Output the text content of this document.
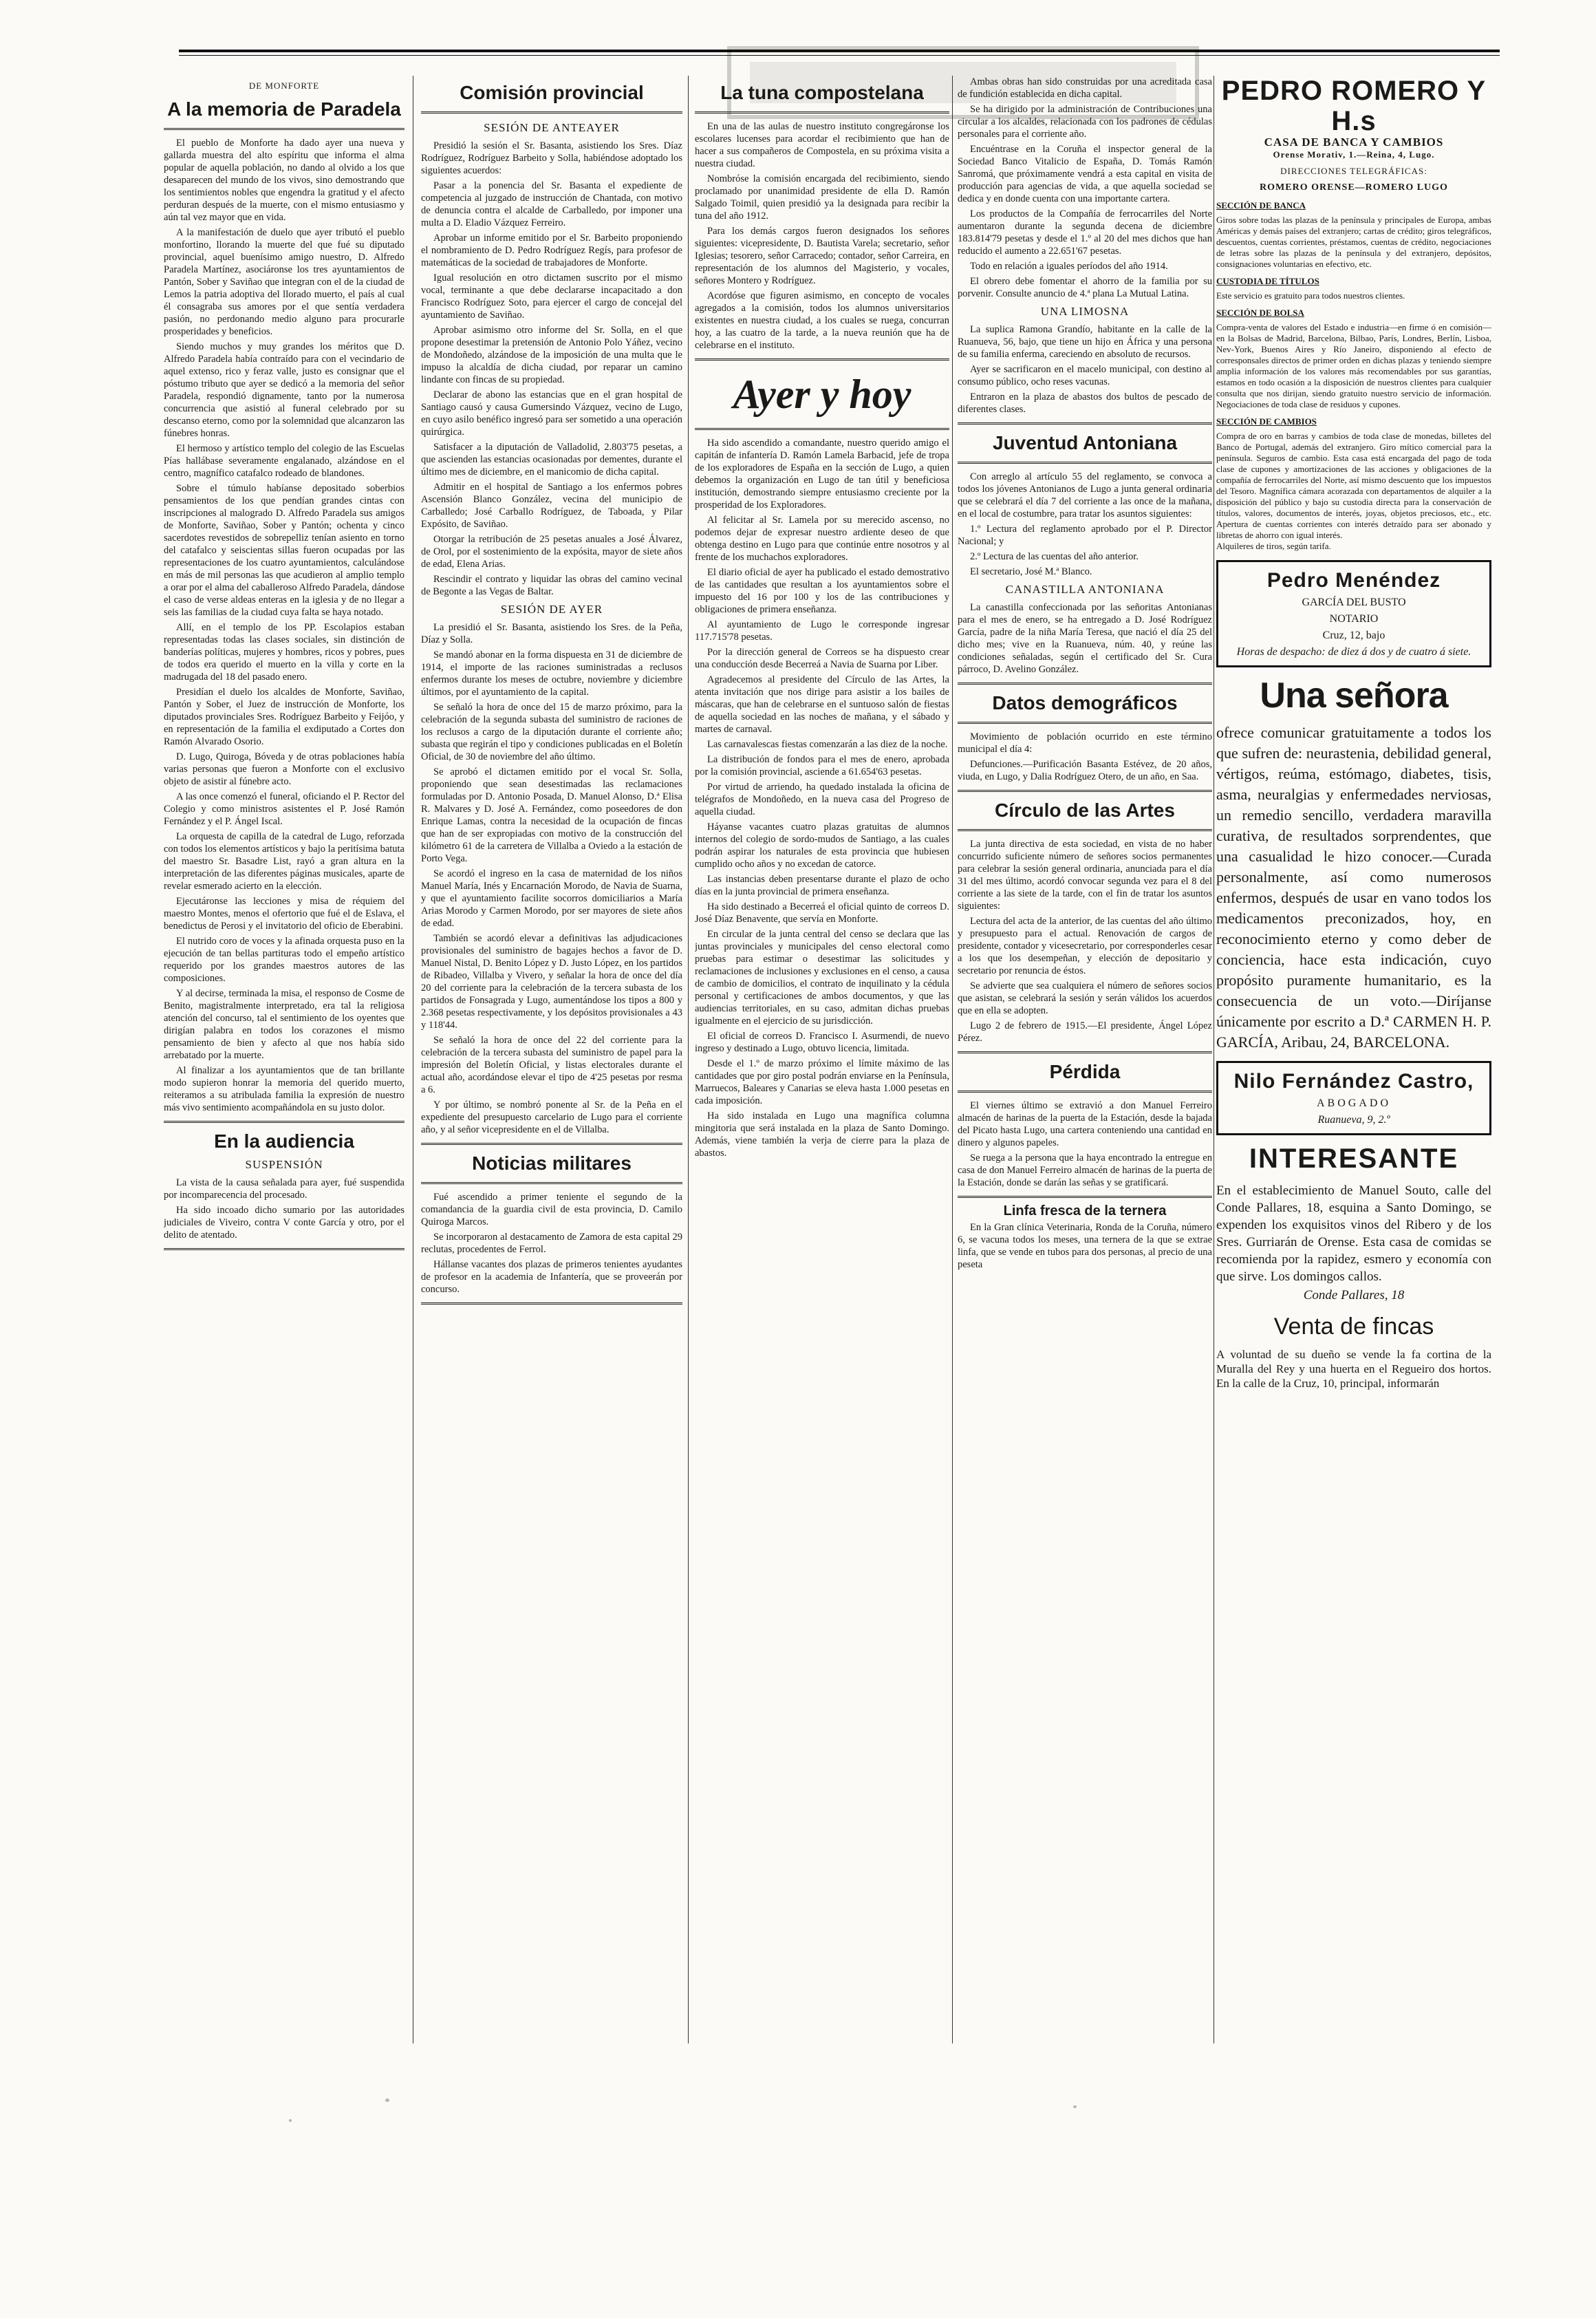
DE MONFORTE
A la memoria de Paradela

El pueblo de Monforte ha dado ayer una nueva y gallarda muestra del alto espíritu que informa el alma popular de aquella población, no dando al olvido a los que desaparecen del mundo de los vivos, sino demostrando que los sentimientos nobles que engendra la gratitud y el afecto perduran después de la muerte, con el mismo entusiasmo y aún tal vez mayor que en vida.

A la manifestación de duelo que ayer tributó el pueblo monfortino, llorando la muerte del que fué su diputado provincial, aquel buenísimo amigo nuestro, D. Alfredo Paradela Martínez, asociáronse los tres ayuntamientos de Pantón, Sober y Saviñao que integran con el de la ciudad de Lemos la patria adoptiva del llorado muerto, el país al cual él consagraba sus amores por el que sentía verdadera pasión, no perdonando medio alguno para procurarle prosperidades y beneficios.

Siendo muchos y muy grandes los méritos que D. Alfredo Paradela había contraído para con el vecindario de aquel extenso, rico y feraz valle, justo es consignar que el póstumo tributo que ayer se dedicó a la memoria del señor Paradela, respondió dignamente, tanto por la numerosa concurrencia que asistió al funeral celebrado por su descanso eterno, como por la solemnidad que alcanzaron las fúnebres honras.

El hermoso y artístico templo del colegio de las Escuelas Pías hallábase severamente engalanado, alzándose en el centro, magnífico catafalco rodeado de blandones.

Sobre el túmulo habíanse depositado soberbios pensamientos de los que pendían grandes cintas con inscripciones al malogrado D. Alfredo Paradela sus amigos de Monforte, Saviñao, Sober y Pantón; ochenta y cinco sacerdotes revestidos de sobrepelliz tenían asiento en torno del catafalco y seiscientas sillas fueron ocupadas por las representaciones de los cuatro ayuntamientos, calculándose en más de mil personas las que acudieron al amplio templo a orar por el alma del caballeroso Alfredo Paradela, dándose el caso de verse aldeas enteras en la iglesia y de no llegar a seis las familias de la ciudad cuya falta se haya notado.

Allí, en el templo de los PP. Escolapios estaban representadas todas las clases sociales, sin distinción de banderías políticas, mujeres y hombres, ricos y pobres, pues de todos era querido el muerto en la villa y corte en la madrugada del 18 del pasado enero.

Presidían el duelo los alcaldes de Monforte, Saviñao, Pantón y Sober, el Juez de instrucción de Monforte, los diputados provinciales Sres. Rodríguez Barbeito y Feijóo, y en representación de la familia el exdiputado a Cortes don Ramón Alvarado Osorio.

D. Lugo, Quiroga, Bóveda y de otras poblaciones había varias personas que fueron a Monforte con el exclusivo objeto de asistir al fúnebre acto.

A las once comenzó el funeral, oficiando el P. Rector del Colegio y como ministros asistentes el P. José Ramón Fernández y el P. Ángel Iscal.

La orquesta de capilla de la catedral de Lugo, reforzada con todos los elementos artísticos y bajo la peritísima batuta del maestro Sr. Basadre List, rayó a gran altura en la interpretación de las diferentes páginas musicales, aparte de revelar esmerado acierto en la elección.

Ejecutáronse las lecciones y misa de réquiem del maestro Montes, menos el ofertorio que fué el de Eslava, el benedictus de Perosi y el invitatorio del oficio de Eberabini.

El nutrido coro de voces y la afinada orquesta puso en la ejecución de tan bellas partituras todo el empeño artístico requerido por los grandes maestros autores de las composiciones.

Y al decirse, terminada la misa, el responso de Cosme de Benito, magistralmente interpretado, era tal la religiosa atención del concurso, tal el sentimiento de los oyentes que dirigían palabra en todos los corazones el mismo pensamiento de bien y afecto al que nos había sido arrebatado por la muerte.

Al finalizar a los ayuntamientos que de tan brillante modo supieron honrar la memoria del querido muerto, reiteramos a su atribulada familia la expresión de nuestro más vivo sentimiento acompañándola en su justo dolor.

En la audiencia
SUSPENSIÓN

La vista de la causa señalada para ayer, fué suspendida por incomparecencia del procesado.

Ha sido incoado dicho sumario por las autoridades judiciales de Viveiro, contra V conte García y otro, por el delito de atentado.

Comisión provincial
SESIÓN DE ANTEAYER

Presidió la sesión el Sr. Basanta, asistiendo los Sres. Díaz Rodríguez, Rodríguez Barbeito y Solla, habiéndose adoptado los siguientes acuerdos:

Pasar a la ponencia del Sr. Basanta el expediente de competencia al juzgado de instrucción de Chantada, con motivo de denuncia contra el alcalde de Carballedo, por imponer una multa a D. Eladio Vázquez Ferreiro.

Aprobar un informe emitido por el Sr. Barbeito proponiendo el nombramiento de D. Pedro Rodríguez Regís, para profesor de matemáticas de la sociedad de trabajadores de Monforte.

Igual resolución en otro dictamen suscrito por el mismo vocal, terminante a que debe declararse incapacitado a don Francisco Rodríguez Soto, para ejercer el cargo de concejal del ayuntamiento de Saviñao.

Aprobar asimismo otro informe del Sr. Solla, en el que propone desestimar la pretensión de Antonio Polo Yáñez, vecino de Mondoñedo, alzándose de la imposición de una multa que le impuso la alcaldía de dicha ciudad, por reparar un camino lindante con fincas de su propiedad.

Declarar de abono las estancias que en el gran hospital de Santiago causó y causa Gumersindo Vázquez, vecino de Lugo, en cuyo asilo benéfico ingresó para ser sometido a una operación quirúrgica.

Satisfacer a la diputación de Valladolid, 2.803'75 pesetas, a que ascienden las estancias ocasionadas por dementes, durante el último mes de diciembre, en el manicomio de dicha capital.

Admitir en el hospital de Santiago a los enfermos pobres Ascensión Blanco González, vecina del municipio de Carballedo; José Carballo Rodríguez, de Taboada, y Pilar Expósito, de Saviñao.

Otorgar la retribución de 25 pesetas anuales a José Álvarez, de Orol, por el sostenimiento de la expósita, mayor de siete años de edad, Elena Arias.

Rescindir el contrato y liquidar las obras del camino vecinal de Begonte a las Vegas de Baltar.

SESIÓN DE AYER

La presidió el Sr. Basanta, asistiendo los Sres. de la Peña, Díaz y Solla.

Se mandó abonar en la forma dispuesta en 31 de diciembre de 1914, el importe de las raciones suministradas a reclusos enfermos durante los meses de octubre, noviembre y diciembre últimos, por el ayuntamiento de la capital.

Se señaló la hora de once del 15 de marzo próximo, para la celebración de la segunda subasta del suministro de raciones de los reclusos a cargo de la diputación durante el corriente año; subasta que regirán el tipo y condiciones publicadas en el Boletín Oficial, de 30 de noviembre del año último.

Se aprobó el dictamen emitido por el vocal Sr. Solla, proponiendo que sean desestimadas las reclamaciones formuladas por D. Antonio Posada, D. Manuel Alonso, D.ª Elisa R. Malvares y D. José A. Fernández, como poseedores de don Enrique Lamas, contra la necesidad de la ocupación de fincas que han de ser expropiadas con motivo de la construcción del kilómetro 61 de la carretera de Villalba a Oviedo a la estación de Porto Vega.

Se acordó el ingreso en la casa de maternidad de los niños Manuel María, Inés y Encarnación Morodo, de Navia de Suarna, y que el ayuntamiento facilite socorros domiciliarios a María Arias Morodo y Carmen Morodo, por ser mayores de siete años de edad.

También se acordó elevar a definitivas las adjudicaciones provisionales del suministro de bagajes hechos a favor de D. Manuel Nistal, D. Benito López y D. Justo López, en los partidos de Ribadeo, Villalba y Vivero, y señalar la hora de once del día 20 del corriente para la celebración de la tercera subasta de los partidos de Fonsagrada y Lugo, aumentándose los tipos a 800 y 2.368 pesetas respectivamente, y los depósitos provisionales a 43 y 118'44.

Se señaló la hora de once del 22 del corriente para la celebración de la tercera subasta del suministro de papel para la impresión del Boletín Oficial, y listas electorales durante el actual año, acordándose elevar el tipo de 4'25 pesetas por resma a 6.

Y por último, se nombró ponente al Sr. de la Peña en el expediente del presupuesto carcelario de Lugo para el corriente año, y al señor vicepresidente en el de Villalba.

Noticias militares

Fué ascendido a primer teniente el segundo de la comandancia de la guardia civil de esta provincia, D. Camilo Quiroga Marcos.

Se incorporaron al destacamento de Zamora de esta capital 29 reclutas, procedentes de Ferrol.

Hállanse vacantes dos plazas de primeros tenientes ayudantes de profesor en la academia de Infantería, que se proveerán por concurso.

La tuna compostelana

En una de las aulas de nuestro instituto congregáronse los escolares lucenses para acordar el recibimiento que han de hacer a sus compañeros de Compostela, en su próxima visita a nuestra ciudad.

Nombróse la comisión encargada del recibimiento, siendo proclamado por unanimidad presidente de ella D. Ramón Salgado Toimil, quien presidió ya la designada para recibir la tuna del año 1912.

Para los demás cargos fueron designados los señores siguientes: vicepresidente, D. Bautista Varela; secretario, señor Iglesias; tesorero, señor Carracedo; contador, señor Carreira, en representación de los alumnos del Magisterio, y vocales, señores Montero y Rodríguez.

Acordóse que figuren asimismo, en concepto de vocales agregados a la comisión, todos los alumnos universitarios existentes en nuestra ciudad, a los cuales se ruega, concurran hoy, a las cuatro de la tarde, a la nueva reunión que ha de celebrarse en el instituto.

Ayer y hoy

Ha sido ascendido a comandante, nuestro querido amigo el capitán de infantería D. Ramón Lamela Barbacid, jefe de tropa de los exploradores de España en la sección de Lugo, a quien debemos la organización en Lugo de tan útil y beneficiosa institución, demostrando siempre entusiasmo creciente por la prosperidad de los Exploradores.

Al felicitar al Sr. Lamela por su merecido ascenso, no podemos dejar de expresar nuestro ardiente deseo de que obtenga destino en Lugo para que continúe entre nosotros y al frente de los muchachos exploradores.

El diario oficial de ayer ha publicado el estado demostrativo de las cantidades que resultan a los ayuntamientos sobre el impuesto del 16 por 100 y los de las contribuciones y obligaciones de primera enseñanza.

Al ayuntamiento de Lugo le corresponde ingresar 117.715'78 pesetas.

Por la dirección general de Correos se ha dispuesto crear una conducción desde Becerreá a Navia de Suarna por Liber.

Agradecemos al presidente del Círculo de las Artes, la atenta invitación que nos dirige para asistir a los bailes de máscaras, que han de celebrarse en el suntuoso salón de fiestas de aquella sociedad en las noches de mañana, y el sábado y martes de carnaval.

Las carnavalescas fiestas comenzarán a las diez de la noche.

La distribución de fondos para el mes de enero, aprobada por la comisión provincial, asciende a 61.654'63 pesetas.

Por virtud de arriendo, ha quedado instalada la oficina de telégrafos de Mondoñedo, en la nueva casa del Progreso de aquella ciudad.

Háyanse vacantes cuatro plazas gratuitas de alumnos internos del colegio de sordo-mudos de Santiago, a las cuales podrán aspirar los naturales de esta provincia que hubiesen cumplido ocho años y no excedan de catorce.

Las instancias deben presentarse durante el plazo de ocho días en la junta provincial de primera enseñanza.

Ha sido destinado a Becerreá el oficial quinto de correos D. José Díaz Benavente, que servía en Monforte.

En circular de la junta central del censo se declara que las juntas provinciales y municipales del censo electoral como pruebas para estimar o desestimar las solicitudes y reclamaciones de inclusiones y exclusiones en el censo, a causa de cambio de domicilios, el contrato de inquilinato y la cédula personal y certificaciones de ambos documentos, y que las audiencias territoriales, en su caso, admitan dichas pruebas igualmente en el ejercicio de su jurisdicción.

El oficial de correos D. Francisco I. Asurmendi, de nuevo ingreso y destinado a Lugo, obtuvo licencia, limitada.

Desde el 1.º de marzo próximo el límite máximo de las cantidades que por giro postal podrán enviarse en la Península, Marruecos, Baleares y Canarias se eleva hasta 1.000 pesetas en cada imposición.

Ha sido instalada en Lugo una magnífica columna mingitoria que será instalada en la plaza de Santo Domingo. Además, viene también la verja de cierre para la plaza de abastos.

Ambas obras han sido construidas por una acreditada casa de fundición establecida en dicha capital.

Se ha dirigido por la administración de Contribuciones una circular a los alcaldes, relacionada con los padrones de cédulas personales para el corriente año.

Encuéntrase en la Coruña el inspector general de la Sociedad Banco Vitalicio de España, D. Tomás Ramón Sanromá, que próximamente vendrá a esta capital en visita de producción para agencias de vida, a que aquella sociedad se dedica y en donde cuenta con una importante cartera.

Los productos de la Compañía de ferrocarriles del Norte aumentaron durante la segunda decena de diciembre 183.814'79 pesetas y desde el 1.º al 20 del mes dichos que han reducido el aumento a 22.651'67 pesetas.

Todo en relación a iguales períodos del año 1914.

El obrero debe fomentar el ahorro de la familia por su porvenir. Consulte anuncio de 4.ª plana La Mutual Latina.

UNA LIMOSNA

La suplica Ramona Grandío, habitante en la calle de la Ruanueva, 56, bajo, que tiene un hijo en África y una persona de su familia enferma, careciendo en absoluto de recursos.

Ayer se sacrificaron en el macelo municipal, con destino al consumo público, ocho reses vacunas.

Entraron en la plaza de abastos dos bultos de pescado de diferentes clases.

Juventud Antoniana

Con arreglo al artículo 55 del reglamento, se convoca a todos los jóvenes Antonianos de Lugo a junta general ordinaria que se celebrará el día 7 del corriente a las once de la mañana, en el local de costumbre, para tratar los asuntos siguientes:

1.º Lectura del reglamento aprobado por el P. Director Nacional; y

2.º Lectura de las cuentas del año anterior.

El secretario, José M.ª Blanco.

CANASTILLA ANTONIANA

La canastilla confeccionada por las señoritas Antonianas para el mes de enero, se ha entregado a D. José Rodríguez García, padre de la niña María Teresa, que nació el día 25 del dicho mes; vive en la Ruanueva, núm. 40, y reúne las condiciones señaladas, según el certificado del Sr. Cura párroco, D. Avelino González.

Datos demográficos

Movimiento de población ocurrido en este término municipal el día 4:

Defunciones.—Purificación Basanta Estévez, de 20 años, viuda, en Lugo, y Dalia Rodríguez Otero, de un año, en Saa.

Círculo de las Artes

La junta directiva de esta sociedad, en vista de no haber concurrido suficiente número de señores socios permanentes para celebrar la sesión general ordinaria, anunciada para el día 31 del mes último, acordó convocar segunda vez para el 8 del corriente a las siete de la tarde, con el fin de tratar los asuntos siguientes:

Lectura del acta de la anterior, de las cuentas del año último y presupuesto para el actual. Renovación de cargos de presidente, contador y vicesecretario, por corresponderles cesar a los que los desempeñan, y elección de depositario y secretario por renuncia de éstos.

Se advierte que sea cualquiera el número de señores socios que asistan, se celebrará la sesión y serán válidos los acuerdos que en ella se adopten.

Lugo 2 de febrero de 1915.—El presidente, Ángel López Pérez.

Pérdida

El viernes último se extravió a don Manuel Ferreiro almacén de harinas de la puerta de la Estación, desde la bajada del Picato hasta Lugo, una cartera conteniendo una cantidad en dinero y algunos papeles.

Se ruega a la persona que la haya encontrado la entregue en casa de don Manuel Ferreiro almacén de harinas de la puerta de la Estación, donde se darán las señas y se gratificará.

Linfa fresca de la ternera

En la Gran clínica Veterinaria, Ronda de la Coruña, número 6, se vacuna todos los meses, una ternera de la que se extrae linfa, que se vende en tubos para dos personas, al precio de una peseta

PEDRO ROMERO Y H.s
CASA DE BANCA Y CAMBIOS
Orense Morativ, 1.—Reina, 4, Lugo.
DIRECCIONES TELEGRÁFICAS:
ROMERO ORENSE—ROMERO LUGO
SECCIÓN DE BANCA
Giros sobre todas las plazas de la península y principales de Europa, ambas Américas y demás países del extranjero; cartas de crédito; giros telegráficos, descuentos, cuentas corrientes, préstamos, cuentas de crédito, negociaciones de letras sobre las plazas de la península y del extranjero, depósitos, consignaciones voluntarias en efectivo, etc.
CUSTODIA DE TÍTULOS
Este servicio es gratuito para todos nuestros clientes.
SECCIÓN DE BOLSA
Compra-venta de valores del Estado e industria—en firme ó en comisión—en la Bolsas de Madrid, Barcelona, Bilbao, París, Londres, Berlín, Lisboa, Nev-York, Buenos Aires y Río Janeiro, disponiendo al efecto de corresponsales directos de primer orden en dichas plazas y teniendo siempre amplia información de los valores más recomendables por sus garantías, estamos en todo ocasión a la disposición de nuestros clientes para cualquier consulta que nos dirijan, siendo gratuito nuestro servicio de información. Negociaciones de toda clase de residuos y cupones.
SECCIÓN DE CAMBIOS
Compra de oro en barras y cambios de toda clase de monedas, billetes del Banco de Portugal, además del extranjero. Giro mítico comercial para la península. Seguros de cambio. Esta casa está encargada del pago de toda clase de cupones y amortizaciones de las acciones y obligaciones de la compañía de ferrocarriles del Norte, así mismo descuento que los impuestos del Tesoro. Magnífica cámara acorazada con departamentos de alquiler a la disposición del público y bajo su custodia directa para la conservación de títulos, valores, documentos de interés, joyas, objetos preciosos, etc., etc. Apertura de cuentas corrientes con interés detraído para ser abonado y libretas de ahorro con igual interés.
Alquileres de tiros, según tarifa.
Pedro Menéndez
GARCÍA DEL BUSTO
NOTARIO
Cruz, 12, bajo
Horas de despacho: de diez á dos y de cuatro á siete.
Una señora
ofrece comunicar gratuitamente a todos los que sufren de: neurastenia, debilidad general, vértigos, reúma, estómago, diabetes, tisis, asma, neuralgias y enfermedades nerviosas, un remedio sencillo, verdadera maravilla curativa, de resultados sorprendentes, que una casualidad le hizo conocer.—Curada personalmente, así como numerosos enfermos, después de usar en vano todos los medicamentos preconizados, hoy, en reconocimiento eterno y como deber de conciencia, hace esta indicación, cuyo propósito puramente humanitario, es la consecuencia de un voto.—Diríjanse únicamente por escrito a D.ª CARMEN H. P. GARCÍA, Aribau, 24, BARCELONA.
Nilo Fernández Castro,
ABOGADO
Ruanueva, 9, 2.º
INTERESANTE
En el establecimiento de Manuel Souto, calle del Conde Pallares, 18, esquina a Santo Domingo, se expenden los exquisitos vinos del Ribero y de los Sres. Gurriarán de Orense. Esta casa de comidas se recomienda por la rapidez, esmero y economía con que sirve. Los domingos callos.
Conde Pallares, 18
Venta de fincas
A voluntad de su dueño se vende la fa cortina de la Muralla del Rey y una huerta en el Regueiro dos hortos. En la calle de la Cruz, 10, principal, informarán
